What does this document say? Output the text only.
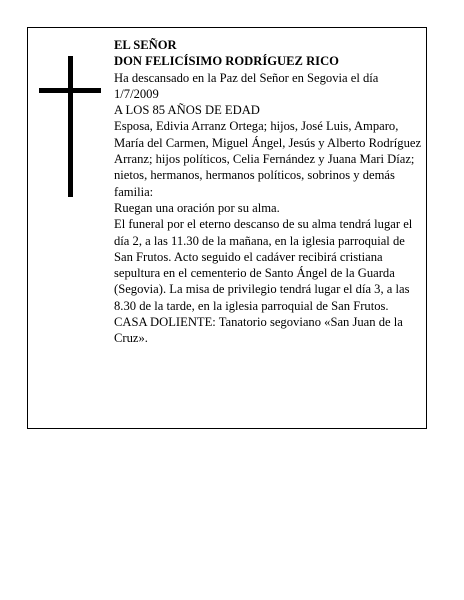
EL SEÑOR

DON FELICÍSIMO RODRÍGUEZ RICO

Ha descansado en la Paz del Señor en Segovia el día 1/7/2009

A LOS 85 AÑOS DE EDAD

Esposa, Edivia Arranz Ortega; hijos, José Luis, Amparo, María del Carmen, Miguel Ángel, Jesús y Alberto Rodríguez Arranz; hijos políticos, Celia Fernández y Juana Mari Díaz; nietos, hermanos, hermanos políticos, sobrinos y demás familia:

Ruegan una oración por su alma.

El funeral por el eterno descanso de su alma tendrá lugar el día 2, a las 11.30 de la mañana, en la iglesia parroquial de San Frutos. Acto seguido el cadáver recibirá cristiana sepultura en el cementerio de Santo Ángel de la Guarda (Segovia). La misa de privilegio tendrá lugar el día 3, a las 8.30 de la tarde, en la iglesia parroquial de San Frutos.

CASA DOLIENTE: Tanatorio segoviano «San Juan de la Cruz».
